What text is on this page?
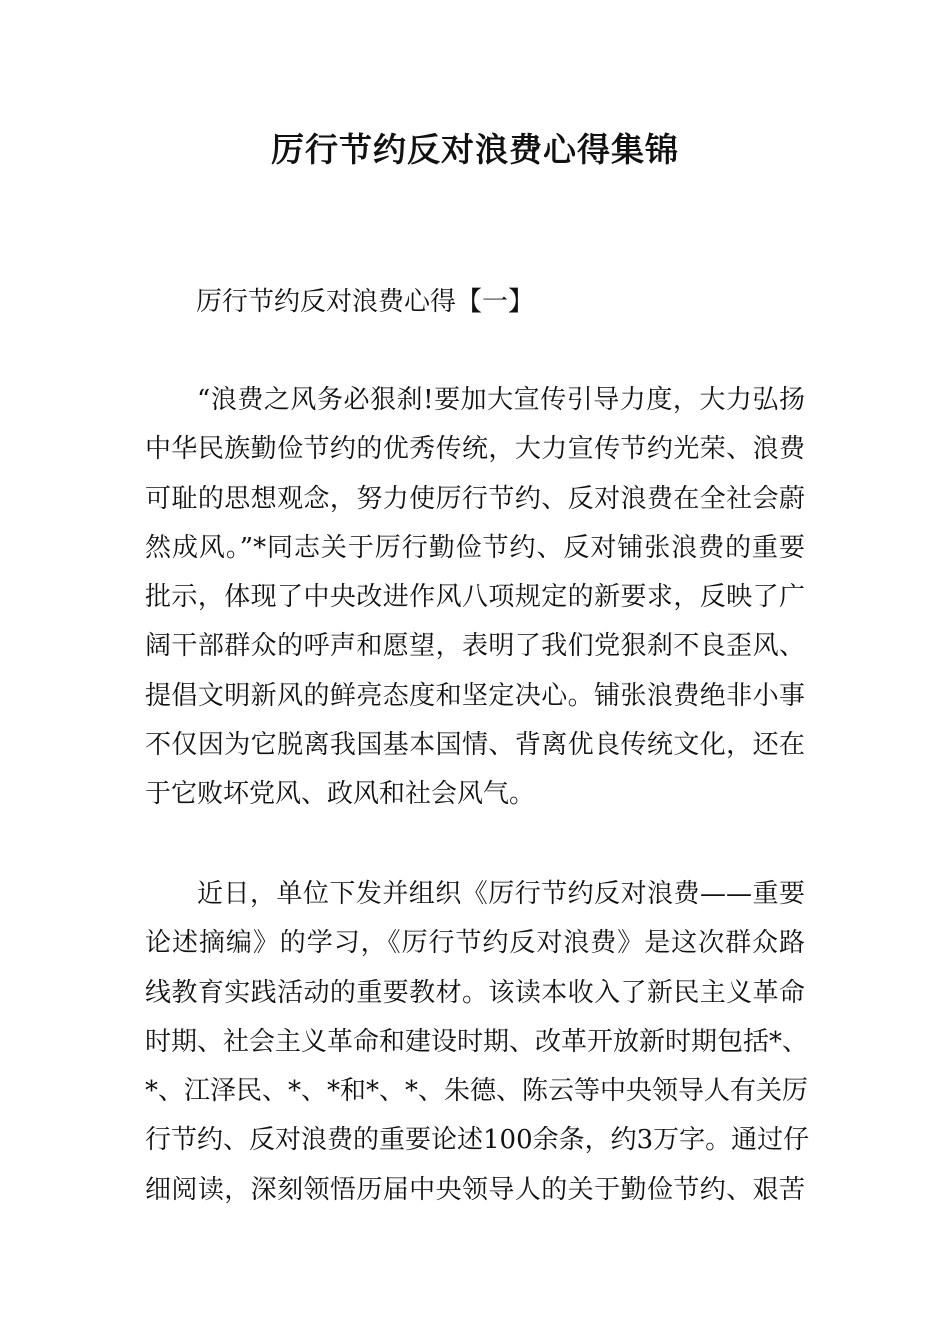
厉行节约反对浪费心得集锦
厉行节约反对浪费心得【一】
“浪费之风务必狠刹!要加大宣传引导力度，大力弘扬
中华民族勤俭节约的优秀传统，大力宣传节约光荣、浪费
可耻的思想观念，努力使厉行节约、反对浪费在全社会蔚
然成风。”*同志关于厉行勤俭节约、反对铺张浪费的重要
批示，体现了中央改进作风八项规定的新要求，反映了广
阔干部群众的呼声和愿望，表明了我们党狠刹不良歪风、
提倡文明新风的鲜亮态度和坚定决心。铺张浪费绝非小事
不仅因为它脱离我国基本国情、背离优良传统文化，还在
于它败坏党风、政风和社会风气。
近日，单位下发并组织《厉行节约反对浪费——重要
论述摘编》的学习，《厉行节约反对浪费》是这次群众路
线教育实践活动的重要教材。该读本收入了新民主义革命
时期、社会主义革命和建设时期、改革开放新时期包括*、
*、江泽民、*、*和*、*、朱德、陈云等中央领导人有关厉
行节约、反对浪费的重要论述100余条，约3万字。通过仔
细阅读，深刻领悟历届中央领导人的关于勤俭节约、艰苦
